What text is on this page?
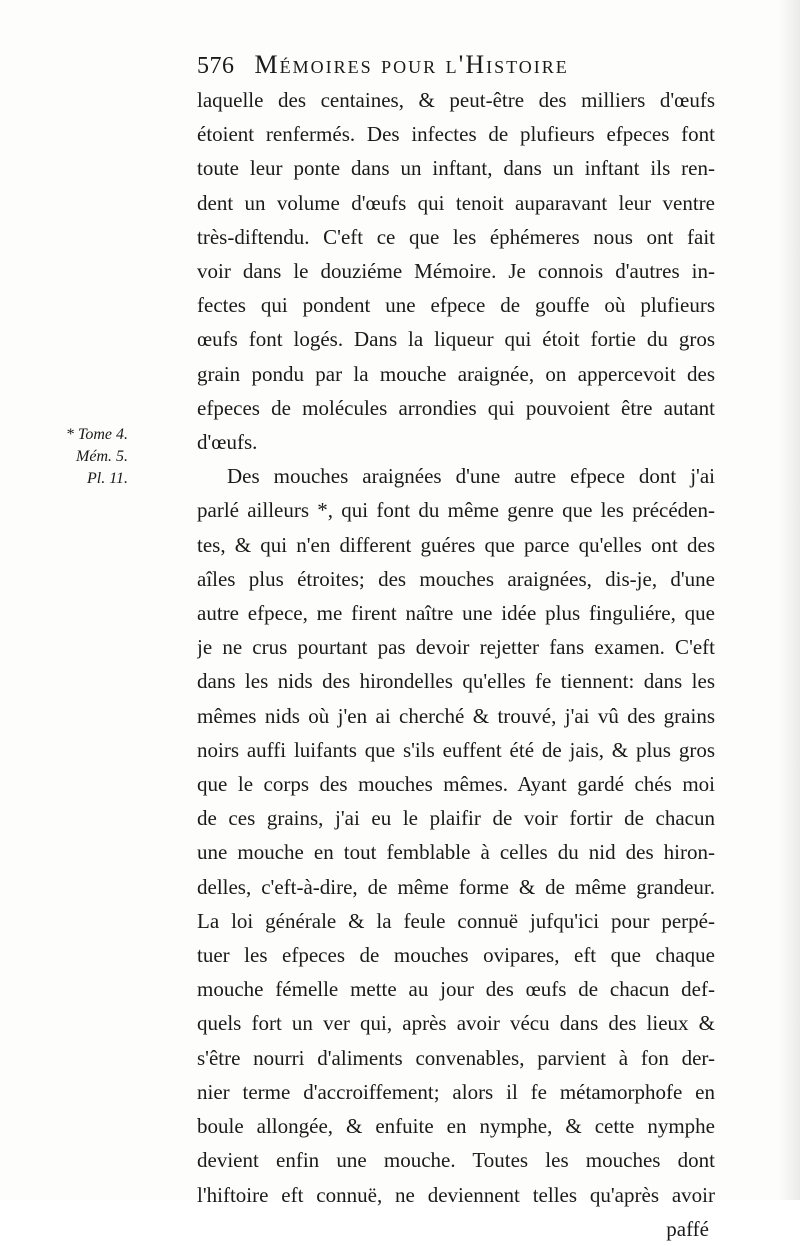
576 Mémoires pour l'Histoire
* Tome 4.
Mém. 5.
Pl. 11.
laquelle des centaines, & peut-être des milliers d'œufs
étoient renfermés. Des infectes de plufieurs efpeces font
toute leur ponte dans un inftant, dans un inftant ils ren-
dent un volume d'œufs qui tenoit auparavant leur ventre
très-diftendu. C'eft ce que les éphémeres nous ont fait
voir dans le douziéme Mémoire. Je connois d'autres in-
fectes qui pondent une efpece de gouffe où plufieurs
œufs font logés. Dans la liqueur qui étoit fortie du gros
grain pondu par la mouche araignée, on appercevoit des
efpeces de molécules arrondies qui pouvoient être autant
d'œufs.
Des mouches araignées d'une autre efpece dont j'ai
parlé ailleurs *, qui font du même genre que les précéden-
tes, & qui n'en different guéres que parce qu'elles ont des
aîles plus étroites; des mouches araignées, dis-je, d'une
autre efpece, me firent naître une idée plus finguliére, que
je ne crus pourtant pas devoir rejetter fans examen. C'eft
dans les nids des hirondelles qu'elles fe tiennent: dans les
mêmes nids où j'en ai cherché & trouvé, j'ai vû des grains
noirs auffi luifants que s'ils euffent été de jais, & plus gros
que le corps des mouches mêmes. Ayant gardé chés moi
de ces grains, j'ai eu le plaifir de voir fortir de chacun
une mouche en tout femblable à celles du nid des hiron-
delles, c'eft-à-dire, de même forme & de même grandeur.
La loi générale & la feule connuë jufqu'ici pour perpé-
tuer les efpeces de mouches ovipares, eft que chaque
mouche fémelle mette au jour des œufs de chacun def-
quels fort un ver qui, après avoir vécu dans des lieux &
s'être nourri d'aliments convenables, parvient à fon der-
nier terme d'accroiffement; alors il fe métamorphofe en
boule allongée, & enfuite en nymphe, & cette nymphe
devient enfin une mouche. Toutes les mouches dont
l'hiftoire eft connuë, ne deviennent telles qu'après avoir
paffé
